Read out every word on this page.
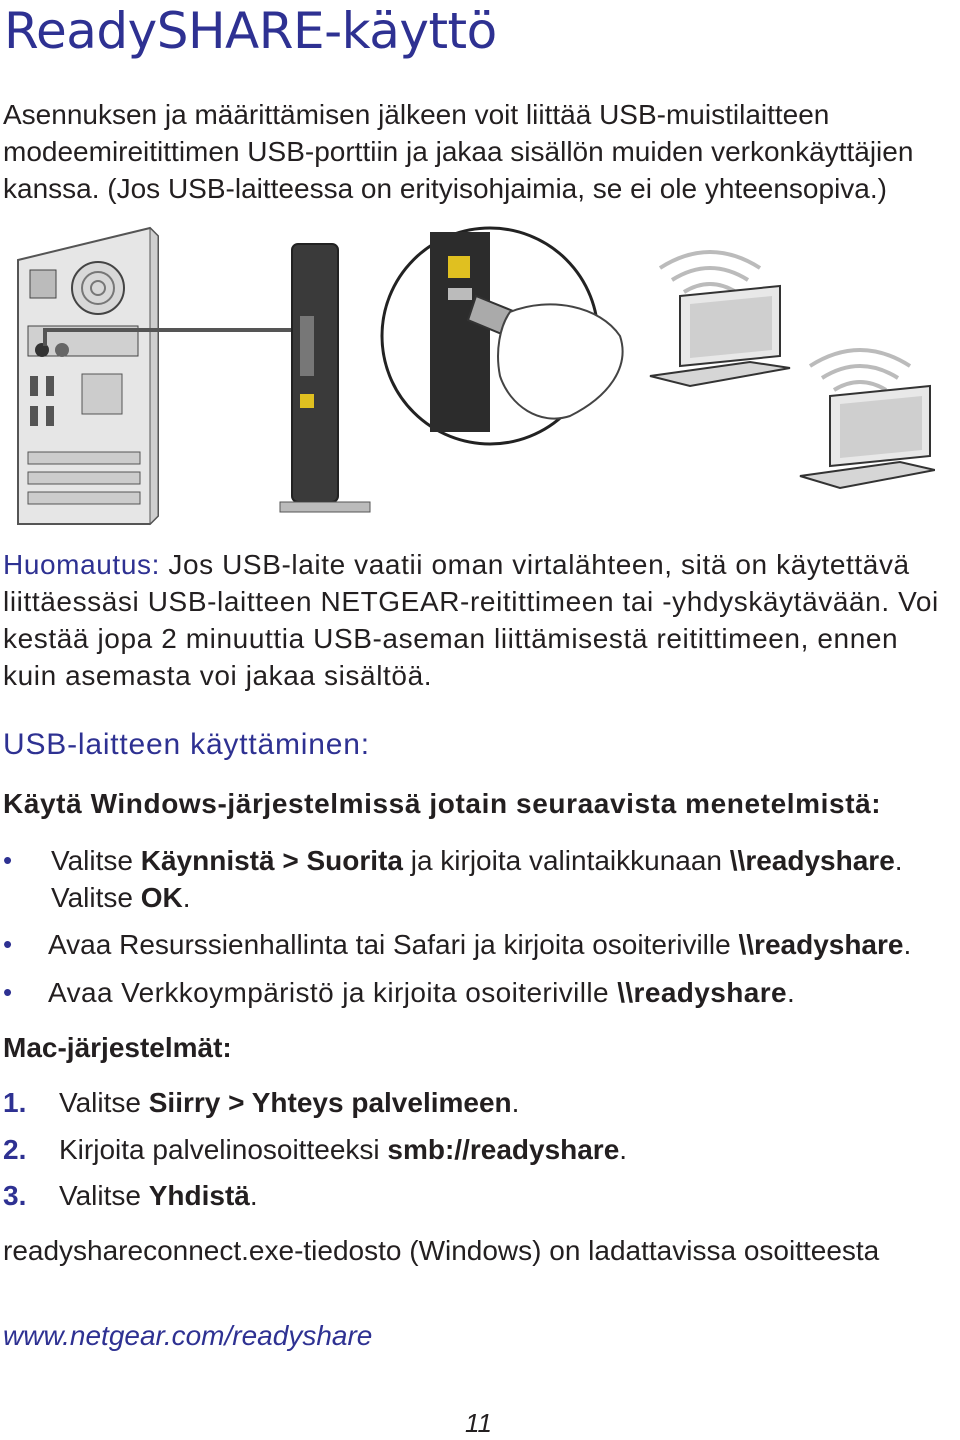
ReadySHARE-käyttö
Asennuksen ja määrittämisen jälkeen voit liittää USB-muistilaitteen modeemireitittimen USB-porttiin ja jakaa sisällön muiden verkonkäyttäjien kanssa. (Jos USB-laitteessa on erityisohjaimia, se ei ole yhteensopiva.)
Huomautus: Jos USB-laite vaatii oman virtalähteen, sitä on käytettävä liittäessäsi USB-laitteen NETGEAR-reitittimeen tai -yhdyskäytävään. Voi kestää jopa 2 minuuttia USB-aseman liittämisestä reitittimeen, ennen kuin asemasta voi jakaa sisältöä.
USB-laitteen käyttäminen:
Käytä Windows-järjestelmissä jotain seuraavista menetelmistä:
• Valitse Käynnistä > Suorita ja kirjoita valintaikkunaan \\readyshare.
Valitse OK.
• Avaa Resurssienhallinta tai Safari ja kirjoita osoiteriville \\readyshare.
• Avaa Verkkoympäristö ja kirjoita osoiteriville \\readyshare.
Mac-järjestelmät:
1. Valitse Siirry > Yhteys palvelimeen.
2. Kirjoita palvelinosoitteeksi smb://readyshare.
3. Valitse Yhdistä.
readyshareconnect.exe-tiedosto (Windows) on ladattavissa osoitteesta
www.netgear.com/readyshare
11
